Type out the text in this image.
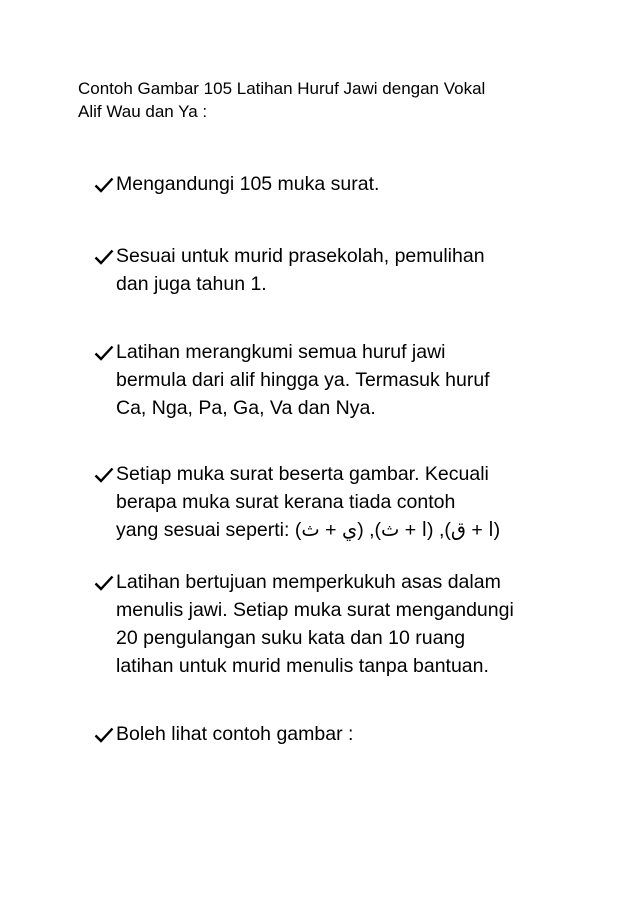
Contoh Gambar 105 Latihan Huruf Jawi dengan Vokal
Alif Wau dan Ya :

Mengandungi 105 muka surat.
Sesuai untuk murid prasekolah, pemulihan
dan juga tahun 1.
Latihan merangkumi semua huruf jawi
bermula dari alif hingga ya. Termasuk huruf
Ca, Nga, Pa, Ga, Va dan Nya.
Setiap muka surat beserta gambar. Kecuali
berapa muka surat kerana tiada contoh
yang sesuai seperti: (ي + ث) ,(ا + ث) ,(ا + ق)
Latihan bertujuan memperkukuh asas dalam
menulis jawi. Setiap muka surat mengandungi
20 pengulangan suku kata dan 10 ruang
latihan untuk murid menulis tanpa bantuan.
Boleh lihat contoh gambar :
